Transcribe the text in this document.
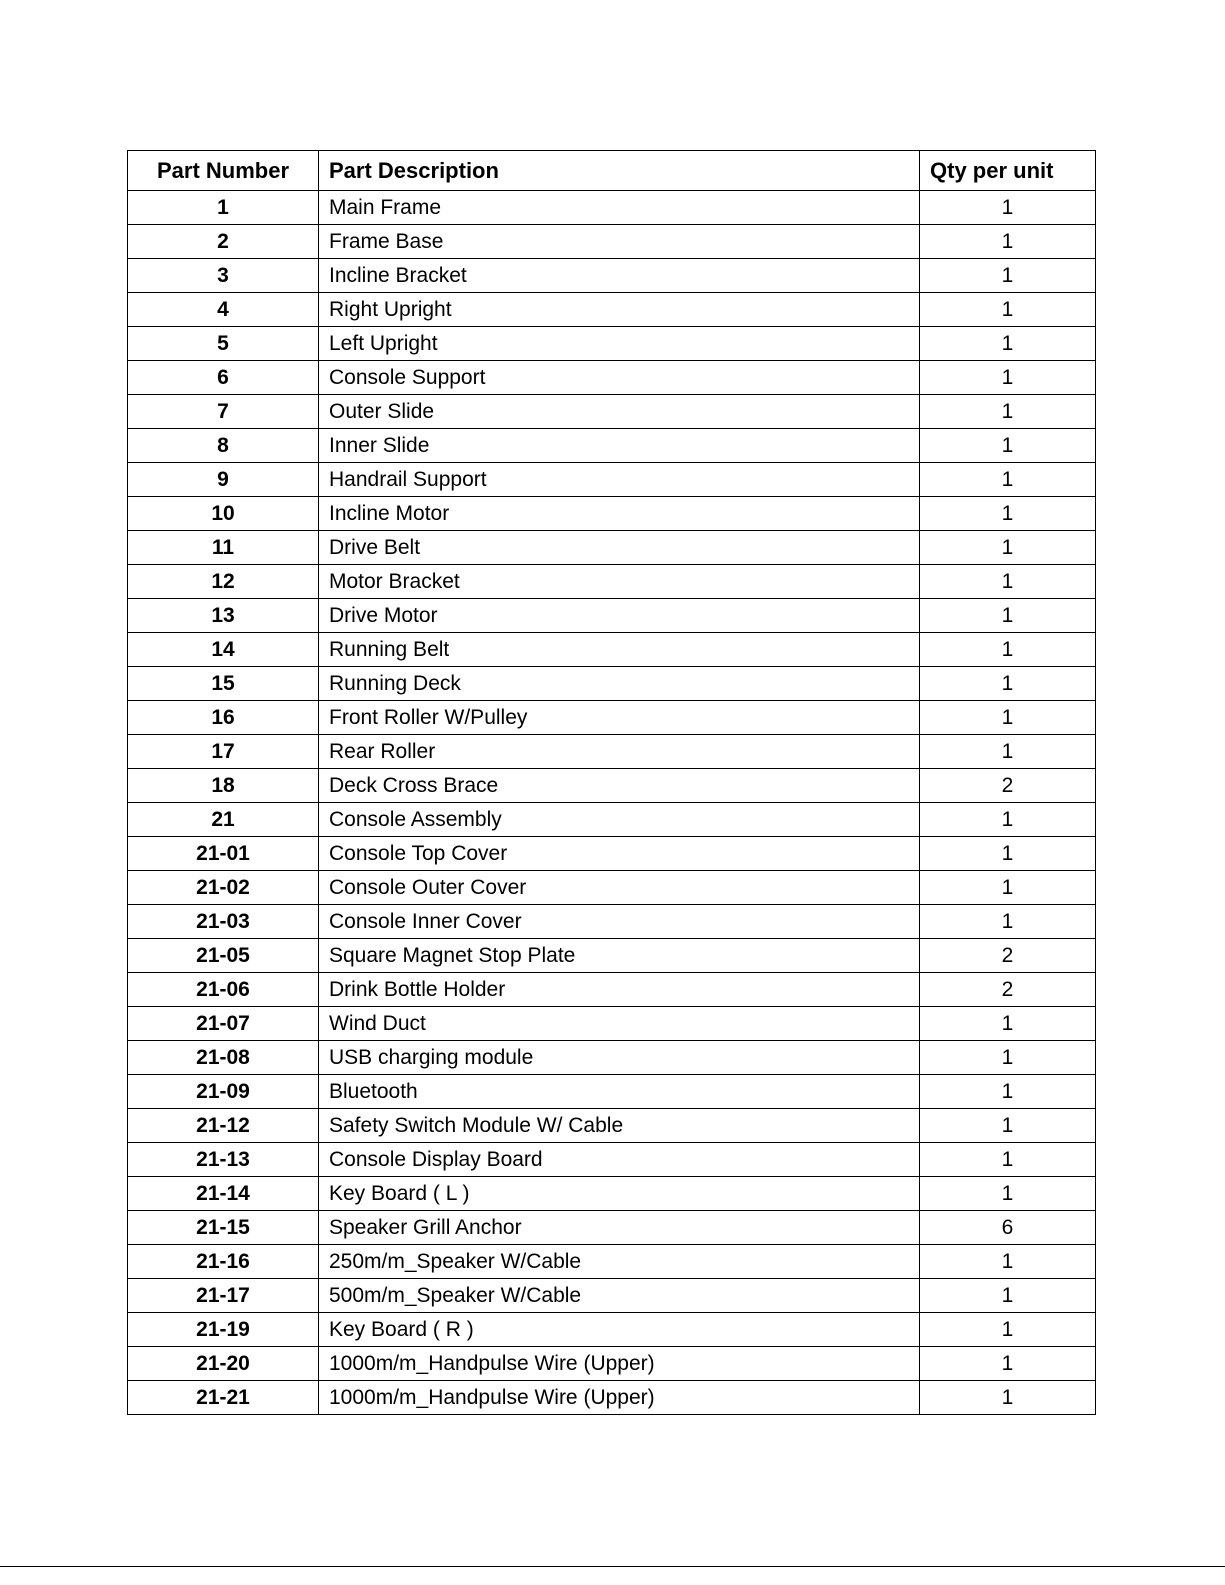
Part Number	Part Description	Qty per unit
1	Main Frame	1
2	Frame Base	1
3	Incline Bracket	1
4	Right Upright	1
5	Left Upright	1
6	Console Support	1
7	Outer Slide	1
8	Inner Slide	1
9	Handrail Support	1
10	Incline Motor	1
11	Drive Belt	1
12	Motor Bracket	1
13	Drive Motor	1
14	Running Belt	1
15	Running Deck	1
16	Front Roller W/Pulley	1
17	Rear Roller	1
18	Deck Cross Brace	2
21	Console Assembly	1
21-01	Console Top Cover	1
21-02	Console Outer Cover	1
21-03	Console Inner Cover	1
21-05	Square Magnet Stop Plate	2
21-06	Drink Bottle Holder	2
21-07	Wind Duct	1
21-08	USB charging module	1
21-09	Bluetooth	1
21-12	Safety Switch Module W/ Cable	1
21-13	Console Display Board	1
21-14	Key Board ( L )	1
21-15	Speaker Grill Anchor	6
21-16	250m/m_Speaker W/Cable	1
21-17	500m/m_Speaker W/Cable	1
21-19	Key Board ( R )	1
21-20	1000m/m_Handpulse Wire (Upper)	1
21-21	1000m/m_Handpulse Wire (Upper)	1
